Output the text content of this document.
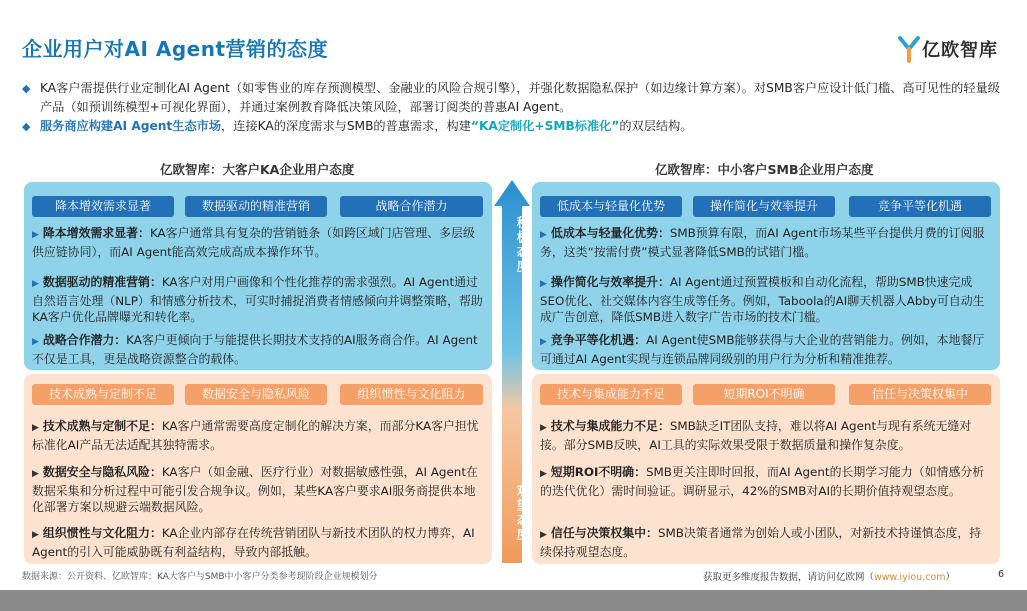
企业用户对AI Agent营销的态度	亿欧智库
◆ KA客户需提供行业定制化AI Agent（如零售业的库存预测模型、金融业的风险合规引擎），并强化数据隐私保护（如边缘计算方案）。对SMB客户应设计低门槛、高可见性的轻量级产品（如预训练模型+可视化界面），并通过案例教育降低决策风险，部署订阅类的普惠AI Agent。
◆ 服务商应构建AI Agent生态市场，连接KA的深度需求与SMB的普惠需求，构建“KA定制化+SMB标准化”的双层结构。
亿欧智库：大客户KA企业用户态度	亿欧智库：中小客户SMB企业用户态度
降本增效需求显著	数据驱动的精准营销	战略合作潜力
▶ 降本增效需求显著：KA客户通常具有复杂的营销链条（如跨区域门店管理、多层级供应链协同），而AI Agent能高效完成高成本操作环节。
▶ 数据驱动的精准营销：KA客户对用户画像和个性化推荐的需求强烈。AI Agent通过自然语言处理（NLP）和情感分析技术，可实时捕捉消费者情感倾向并调整策略，帮助KA客户优化品牌曝光和转化率。
▶ 战略合作潜力：KA客户更倾向于与能提供长期技术支持的AI服务商合作。AI Agent不仅是工具，更是战略资源整合的载体。
技术成熟与定制不足	数据安全与隐私风险	组织惯性与文化阻力
▶ 技术成熟与定制不足：KA客户通常需要高度定制化的解决方案，而部分KA客户担忧标准化AI产品无法适配其独特需求。
▶ 数据安全与隐私风险：KA客户（如金融、医疗行业）对数据敏感性强，AI Agent在数据采集和分析过程中可能引发合规争议。例如，某些KA客户要求AI服务商提供本地化部署方案以规避云端数据风险。
▶ 组织惯性与文化阻力：KA企业内部存在传统营销团队与新技术团队的权力博弈，AI Agent的引入可能威胁既有利益结构，导致内部抵触。
积极态度
观望态度
低成本与轻量化优势	操作简化与效率提升	竞争平等化机遇
▶ 低成本与轻量化优势：SMB预算有限，而AI Agent市场某些平台提供月费的订阅服务，这类“按需付费”模式显著降低SMB的试错门槛。
▶ 操作简化与效率提升：AI Agent通过预置模板和自动化流程，帮助SMB快速完成SEO优化、社交媒体内容生成等任务。例如，Taboola的AI聊天机器人Abby可自动生成广告创意，降低SMB进入数字广告市场的技术门槛。
▶ 竞争平等化机遇：AI Agent使SMB能够获得与大企业的营销能力。例如，本地餐厅可通过AI Agent实现与连锁品牌同级别的用户行为分析和精准推荐。
技术与集成能力不足	短期ROI不明确	信任与决策权集中
▶ 技术与集成能力不足：SMB缺乏IT团队支持，难以将AI Agent与现有系统无缝对接。部分SMB反映，AI工具的实际效果受限于数据质量和操作复杂度。
▶ 短期ROI不明确：SMB更关注即时回报，而AI Agent的长期学习能力（如情感分析的迭代优化）需时间验证。调研显示，42%的SMB对AI的长期价值持观望态度。
▶ 信任与决策权集中：SMB决策者通常为创始人或小团队，对新技术持谨慎态度，持续保持观望态度。
数据来源：公开资料、亿欧智库；KA大客户与SMB中小客户分类参考现阶段企业规模划分	获取更多维度报告数据，请访问亿欧网（www.iyiou.com）	6
